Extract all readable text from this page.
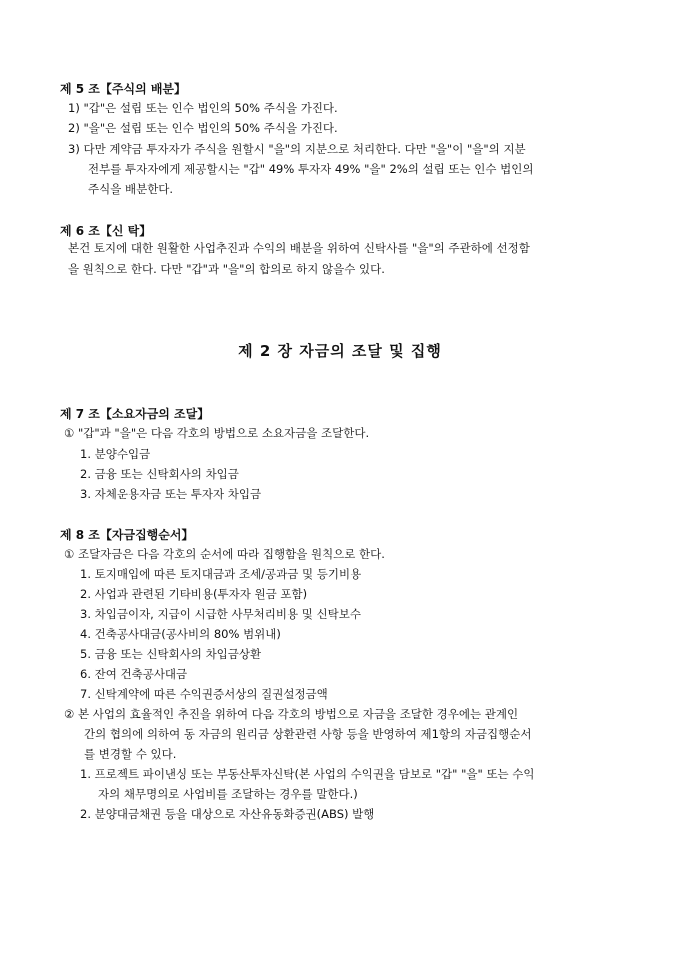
제 5 조【주식의 배분】
1) "갑"은 설립 또는 인수 법인의 50% 주식을 가진다.
2) "을"은 설립 또는 인수 법인의 50% 주식을 가진다.
3) 다만 계약금 투자자가 주식을 원할시 "을"의 지분으로 처리한다. 다만 "을"이 "을"의 지분
전부를 투자자에게 제공할시는 "갑" 49% 투자자 49% "을" 2%의 설립 또는 인수 법인의
주식을 배분한다.
제 6 조【신 탁】
본건 토지에 대한 원활한 사업추진과 수익의 배분을 위하여 신탁사를 "을"의 주관하에 선정함
을 원칙으로 한다. 다만 "갑"과 "을"의 합의로 하지 않을수 있다.
제 2 장 자금의 조달 및 집행
제 7 조【소요자금의 조달】
① "갑"과 "을"은 다음 각호의 방법으로 소요자금을 조달한다.
1. 분양수입금
2. 금융 또는 신탁회사의 차입금
3. 자체운용자금 또는 투자자 차입금
제 8 조【자금집행순서】
① 조달자금은 다음 각호의 순서에 따라 집행함을 원칙으로 한다.
1. 토지매입에 따른 토지대금과 조세/공과금 및 등기비용
2. 사업과 관련된 기타비용(투자자 원금 포함)
3. 차입금이자, 지급이 시급한 사무처리비용 및 신탁보수
4. 건축공사대금(공사비의 80% 범위내)
5. 금융 또는 신탁회사의 차입금상환
6. 잔여 건축공사대금
7. 신탁계약에 따른 수익권증서상의 질권설정금액
② 본 사업의 효율적인 추진을 위하여 다음 각호의 방법으로 자금을 조달한 경우에는 관계인
간의 협의에 의하여 동 자금의 원리금 상환관련 사항 등을 반영하여 제1항의 자금집행순서
를 변경할 수 있다.
1. 프로젝트 파이낸싱 또는 부동산투자신탁(본 사업의 수익권을 담보로 "갑" "을" 또는 수익
자의 채무명의로 사업비를 조달하는 경우를 말한다.)
2. 분양대금채권 등을 대상으로 자산유동화증권(ABS) 발행
